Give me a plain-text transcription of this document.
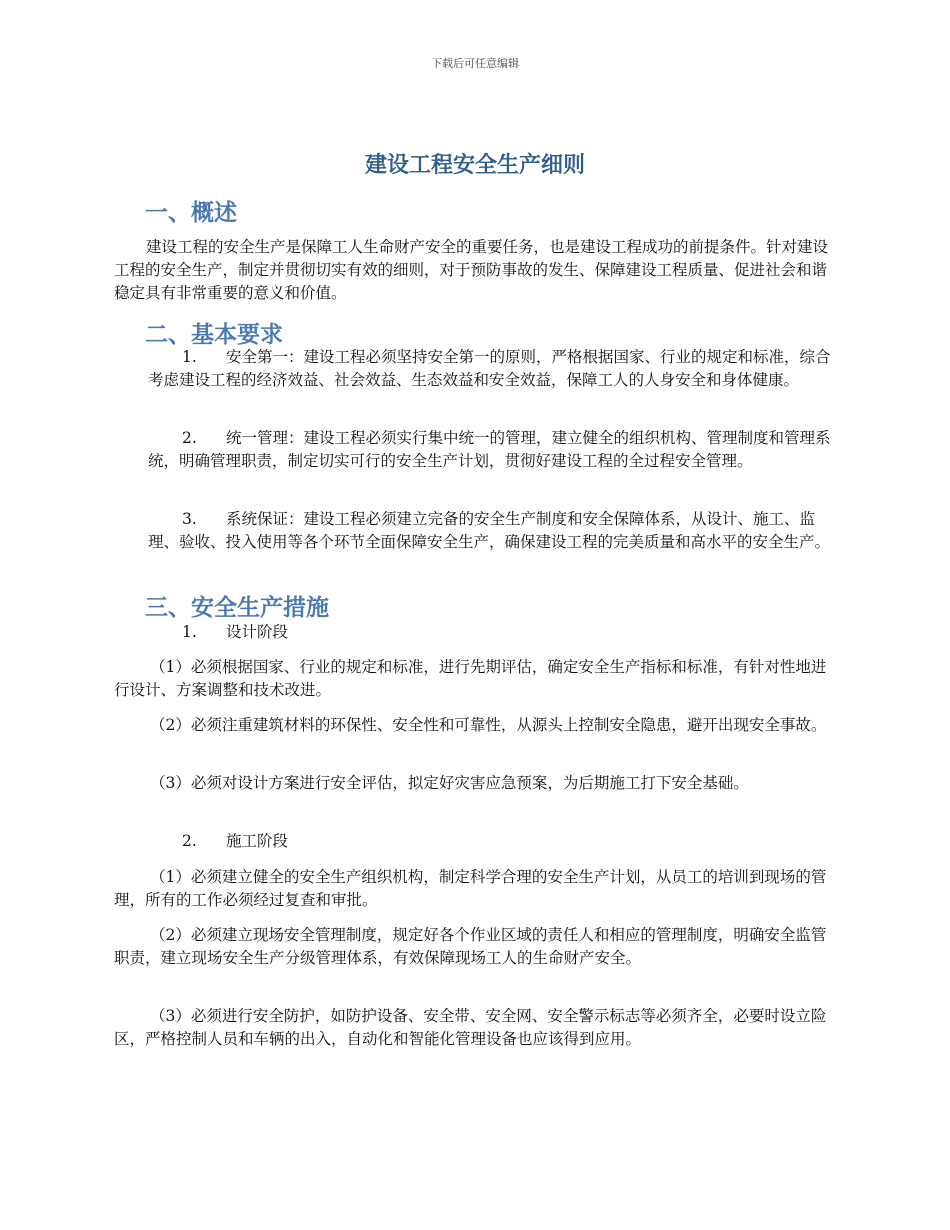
下载后可任意编辑
建设工程安全生产细则
一、概述

建设工程的安全生产是保障工人生命财产安全的重要任务，也是建设工程成功的前提条件。针对建设工程的安全生产，制定并贯彻切实有效的细则，对于预防事故的发生、保障建设工程质量、促进社会和谐稳定具有非常重要的意义和价值。

二、基本要求

1. 安全第一：建设工程必须坚持安全第一的原则，严格根据国家、行业的规定和标准，综合考虑建设工程的经济效益、社会效益、生态效益和安全效益，保障工人的人身安全和身体健康。

2. 统一管理：建设工程必须实行集中统一的管理，建立健全的组织机构、管理制度和管理系统，明确管理职责，制定切实可行的安全生产计划，贯彻好建设工程的全过程安全管理。

3. 系统保证：建设工程必须建立完备的安全生产制度和安全保障体系，从设计、施工、监理、验收、投入使用等各个环节全面保障安全生产，确保建设工程的完美质量和高水平的安全生产。

三、安全生产措施
1. 设计阶段

（1）必须根据国家、行业的规定和标准，进行先期评估，确定安全生产指标和标准，有针对性地进行设计、方案调整和技术改进。

（2）必须注重建筑材料的环保性、安全性和可靠性，从源头上控制安全隐患，避开出现安全事故。

（3）必须对设计方案进行安全评估，拟定好灾害应急预案，为后期施工打下安全基础。

2. 施工阶段

（1）必须建立健全的安全生产组织机构，制定科学合理的安全生产计划，从员工的培训到现场的管理，所有的工作必须经过复查和审批。

（2）必须建立现场安全管理制度，规定好各个作业区域的责任人和相应的管理制度，明确安全监管职责，建立现场安全生产分级管理体系，有效保障现场工人的生命财产安全。

（3）必须进行安全防护，如防护设备、安全带、安全网、安全警示标志等必须齐全，必要时设立险区，严格控制人员和车辆的出入，自动化和智能化管理设备也应该得到应用。
